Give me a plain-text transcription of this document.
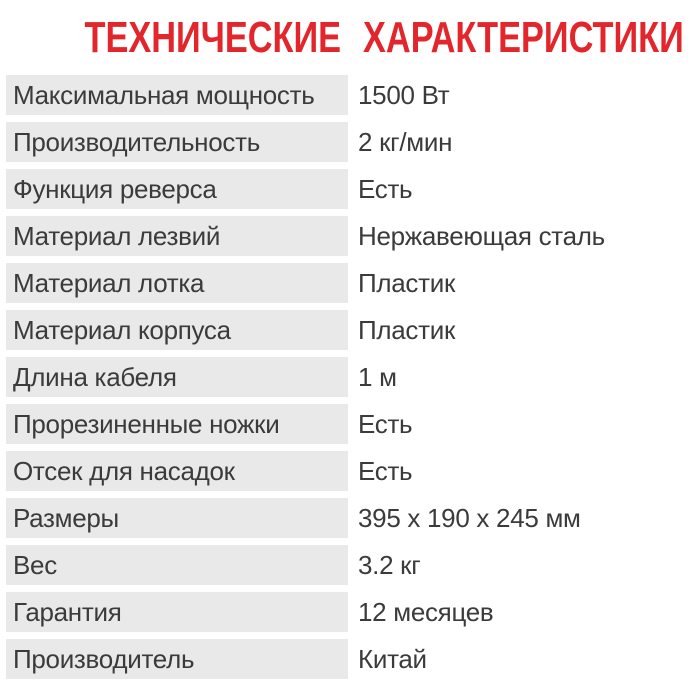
ТЕХНИЧЕСКИЕ ХАРАКТЕРИСТИКИ
Максимальная мощность	1500 Вт
Производительность	2 кг/мин
Функция реверса	Есть
Материал лезвий	Нержавеющая сталь
Материал лотка	Пластик
Материал корпуса	Пластик
Длина кабеля	1 м
Прорезиненные ножки	Есть
Отсек для насадок	Есть
Размеры	395 х 190 х 245 мм
Вес	3.2 кг
Гарантия	12 месяцев
Производитель	Китай
